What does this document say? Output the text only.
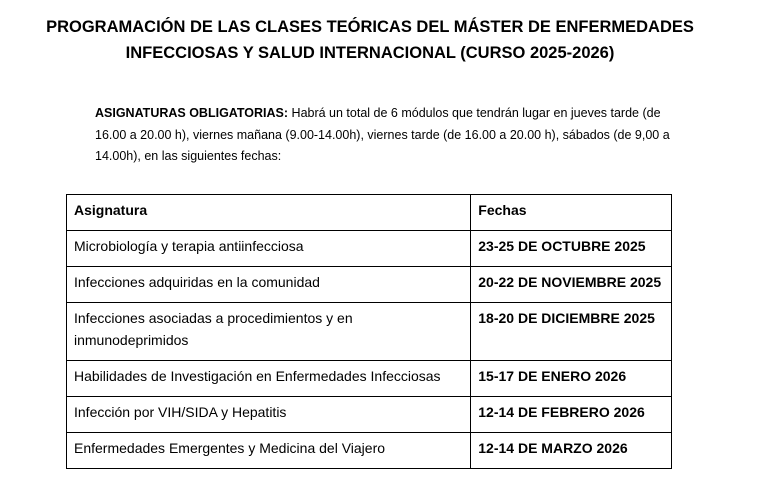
PROGRAMACIÓN DE LAS CLASES TEÓRICAS DEL MÁSTER DE ENFERMEDADES
INFECCIOSAS Y SALUD INTERNACIONAL (CURSO 2025-2026)
ASIGNATURAS OBLIGATORIAS: Habrá un total de 6 módulos que tendrán lugar en jueves tarde (de 16.00 a 20.00 h), viernes mañana (9.00-14.00h), viernes tarde (de 16.00 a 20.00 h), sábados (de 9,00 a 14.00h), en las siguientes fechas:
Asignatura	Fechas
Microbiología y terapia antiinfecciosa	23-25 DE OCTUBRE 2025
Infecciones adquiridas en la comunidad	20-22 DE NOVIEMBRE 2025
Infecciones asociadas a procedimientos y en inmunodeprimidos	18-20 DE DICIEMBRE 2025
Habilidades de Investigación en Enfermedades Infecciosas	15-17 DE ENERO 2026
Infección por VIH/SIDA y Hepatitis	12-14 DE FEBRERO 2026
Enfermedades Emergentes y Medicina del Viajero	12-14 DE MARZO 2026
